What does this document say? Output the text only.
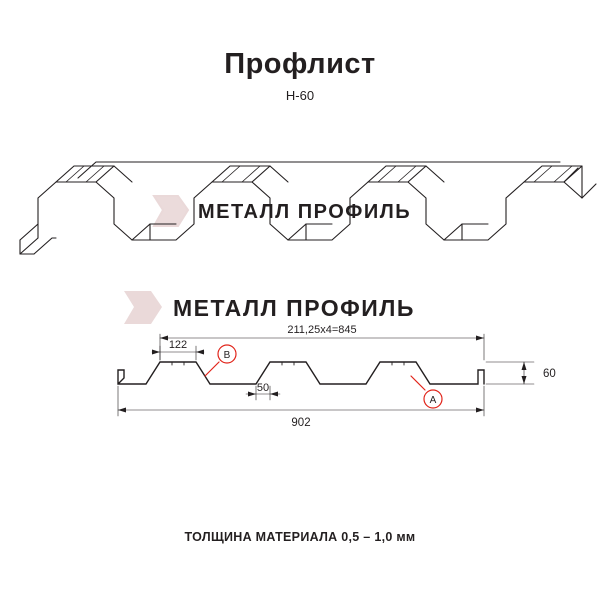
Профлист
Н-60
МЕТАЛЛ ПРОФИЛЬ
МЕТАЛЛ ПРОФИЛЬ
122
211,25х4=845
50
902
60
В
А
ТОЛЩИНА МАТЕРИАЛА 0,5 – 1,0 мм
